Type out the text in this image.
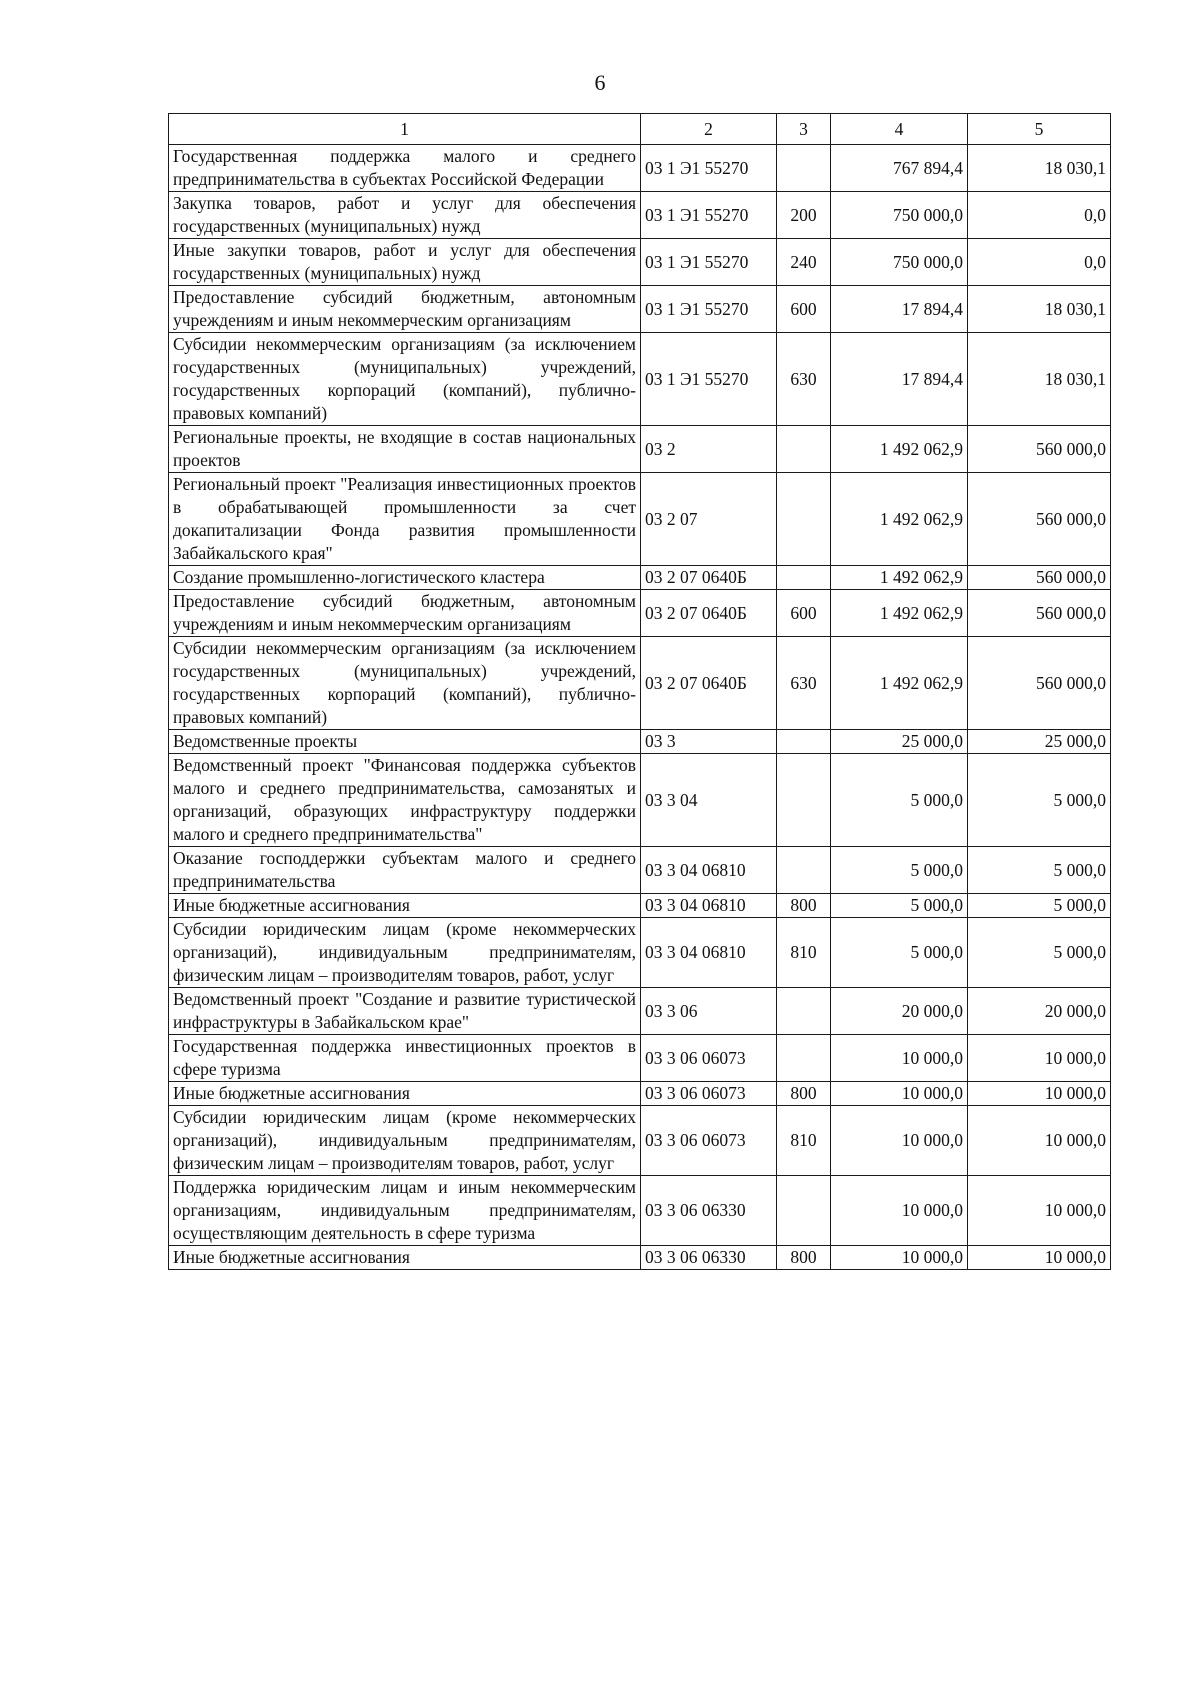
6
1	2	3	4	5
Государственная поддержка малого и среднего предпринимательства в субъектах Российской Федерации	03 1 Э1 55270		767 894,4	18 030,1
Закупка товаров, работ и услуг для обеспечения государственных (муниципальных) нужд	03 1 Э1 55270	200	750 000,0	0,0
Иные закупки товаров, работ и услуг для обеспечения государственных (муниципальных) нужд	03 1 Э1 55270	240	750 000,0	0,0
Предоставление субсидий бюджетным, автономным учреждениям и иным некоммерческим организациям	03 1 Э1 55270	600	17 894,4	18 030,1
Субсидии некоммерческим организациям (за исключением государственных (муниципальных) учреждений, государственных корпораций (компаний), публично-правовых компаний)	03 1 Э1 55270	630	17 894,4	18 030,1
Региональные проекты, не входящие в состав национальных проектов	03 2		1 492 062,9	560 000,0
Региональный проект "Реализация инвестиционных проектов в обрабатывающей промышленности за счет докапитализации Фонда развития промышленности Забайкальского края"	03 2 07		1 492 062,9	560 000,0
Создание промышленно-логистического кластера	03 2 07 0640Б		1 492 062,9	560 000,0
Предоставление субсидий бюджетным, автономным учреждениям и иным некоммерческим организациям	03 2 07 0640Б	600	1 492 062,9	560 000,0
Субсидии некоммерческим организациям (за исключением государственных (муниципальных) учреждений, государственных корпораций (компаний), публично-правовых компаний)	03 2 07 0640Б	630	1 492 062,9	560 000,0
Ведомственные проекты	03 3		25 000,0	25 000,0
Ведомственный проект "Финансовая поддержка субъектов малого и среднего предпринимательства, самозанятых и организаций, образующих инфраструктуру поддержки малого и среднего предпринимательства"	03 3 04		5 000,0	5 000,0
Оказание господдержки субъектам малого и среднего предпринимательства	03 3 04 06810		5 000,0	5 000,0
Иные бюджетные ассигнования	03 3 04 06810	800	5 000,0	5 000,0
Субсидии юридическим лицам (кроме некоммерческих организаций), индивидуальным предпринимателям, физическим лицам – производителям товаров, работ, услуг	03 3 04 06810	810	5 000,0	5 000,0
Ведомственный проект "Создание и развитие туристической инфраструктуры в Забайкальском крае"	03 3 06		20 000,0	20 000,0
Государственная поддержка инвестиционных проектов в сфере туризма	03 3 06 06073		10 000,0	10 000,0
Иные бюджетные ассигнования	03 3 06 06073	800	10 000,0	10 000,0
Субсидии юридическим лицам (кроме некоммерческих организаций), индивидуальным предпринимателям, физическим лицам – производителям товаров, работ, услуг	03 3 06 06073	810	10 000,0	10 000,0
Поддержка юридическим лицам и иным некоммерческим организациям, индивидуальным предпринимателям, осуществляющим деятельность в сфере туризма	03 3 06 06330		10 000,0	10 000,0
Иные бюджетные ассигнования	03 3 06 06330	800	10 000,0	10 000,0
